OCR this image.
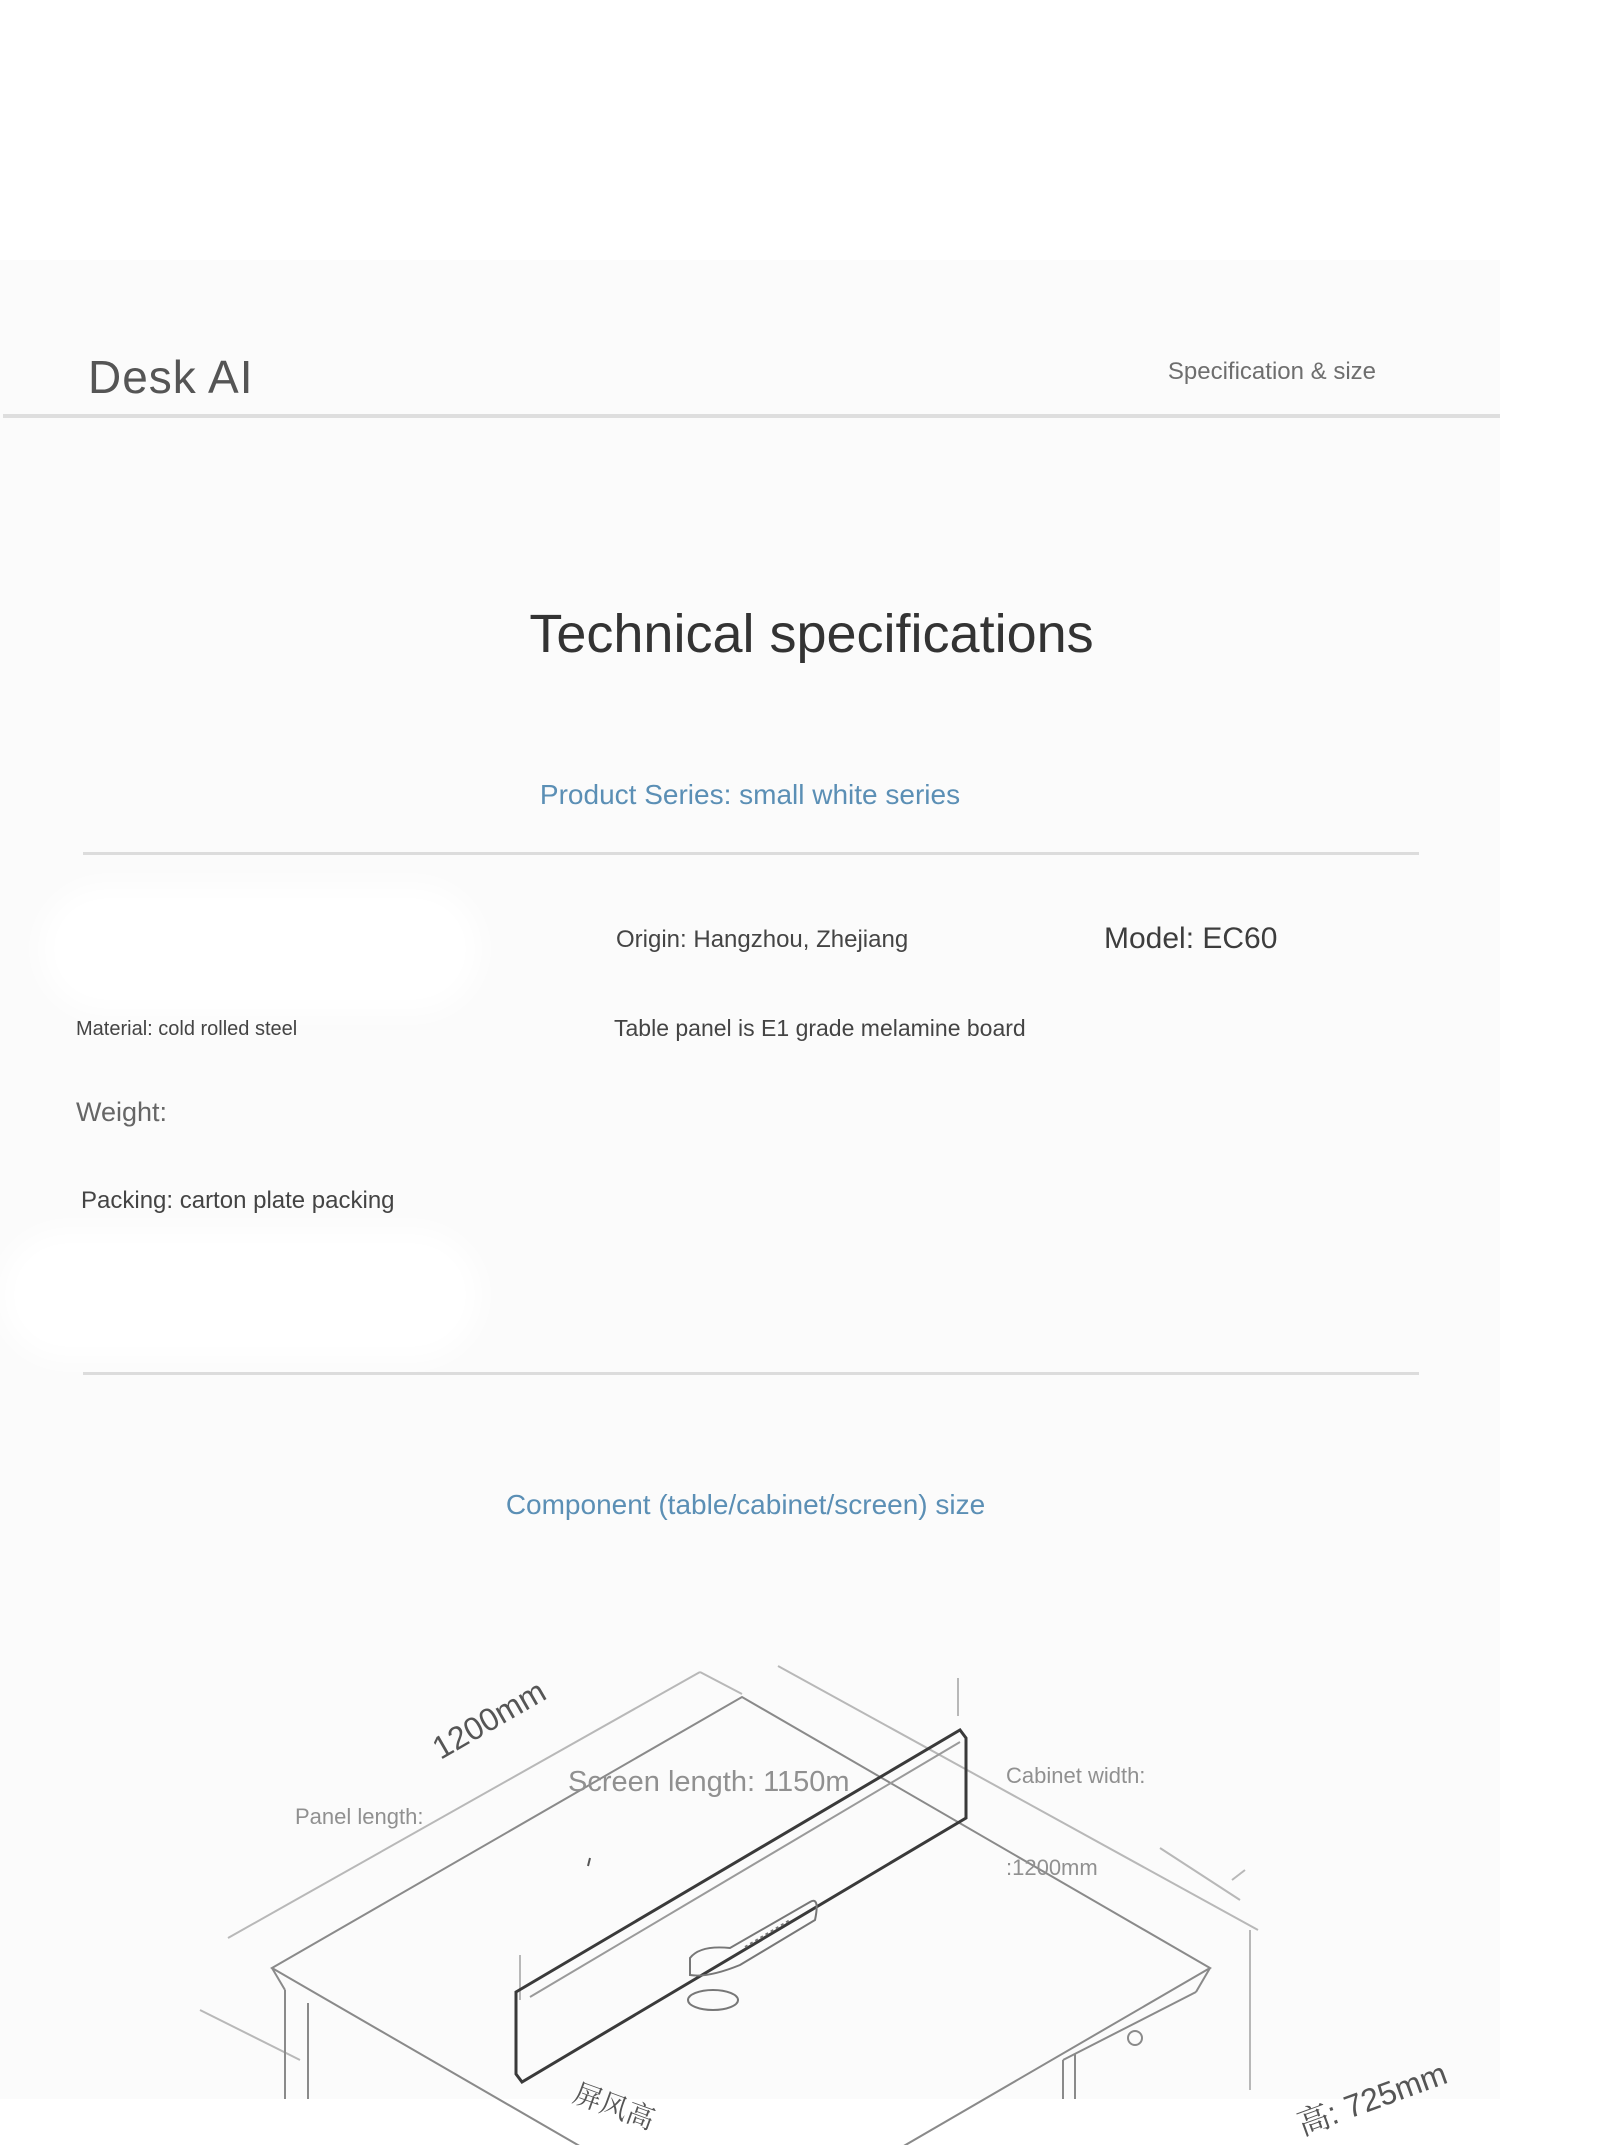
Desk AI	Specification & size
Technical specifications
Product Series: small white series
Origin: Hangzhou, Zhejiang	Model: EC60
Material: cold rolled steel	Table panel is E1 grade melamine board
Weight:
Packing: carton plate packing
Component (table/cabinet/screen) size
1200mm
Screen length: 1150m
Panel length:
Cabinet width:
:1200mm
高: 725mm
屏风高
